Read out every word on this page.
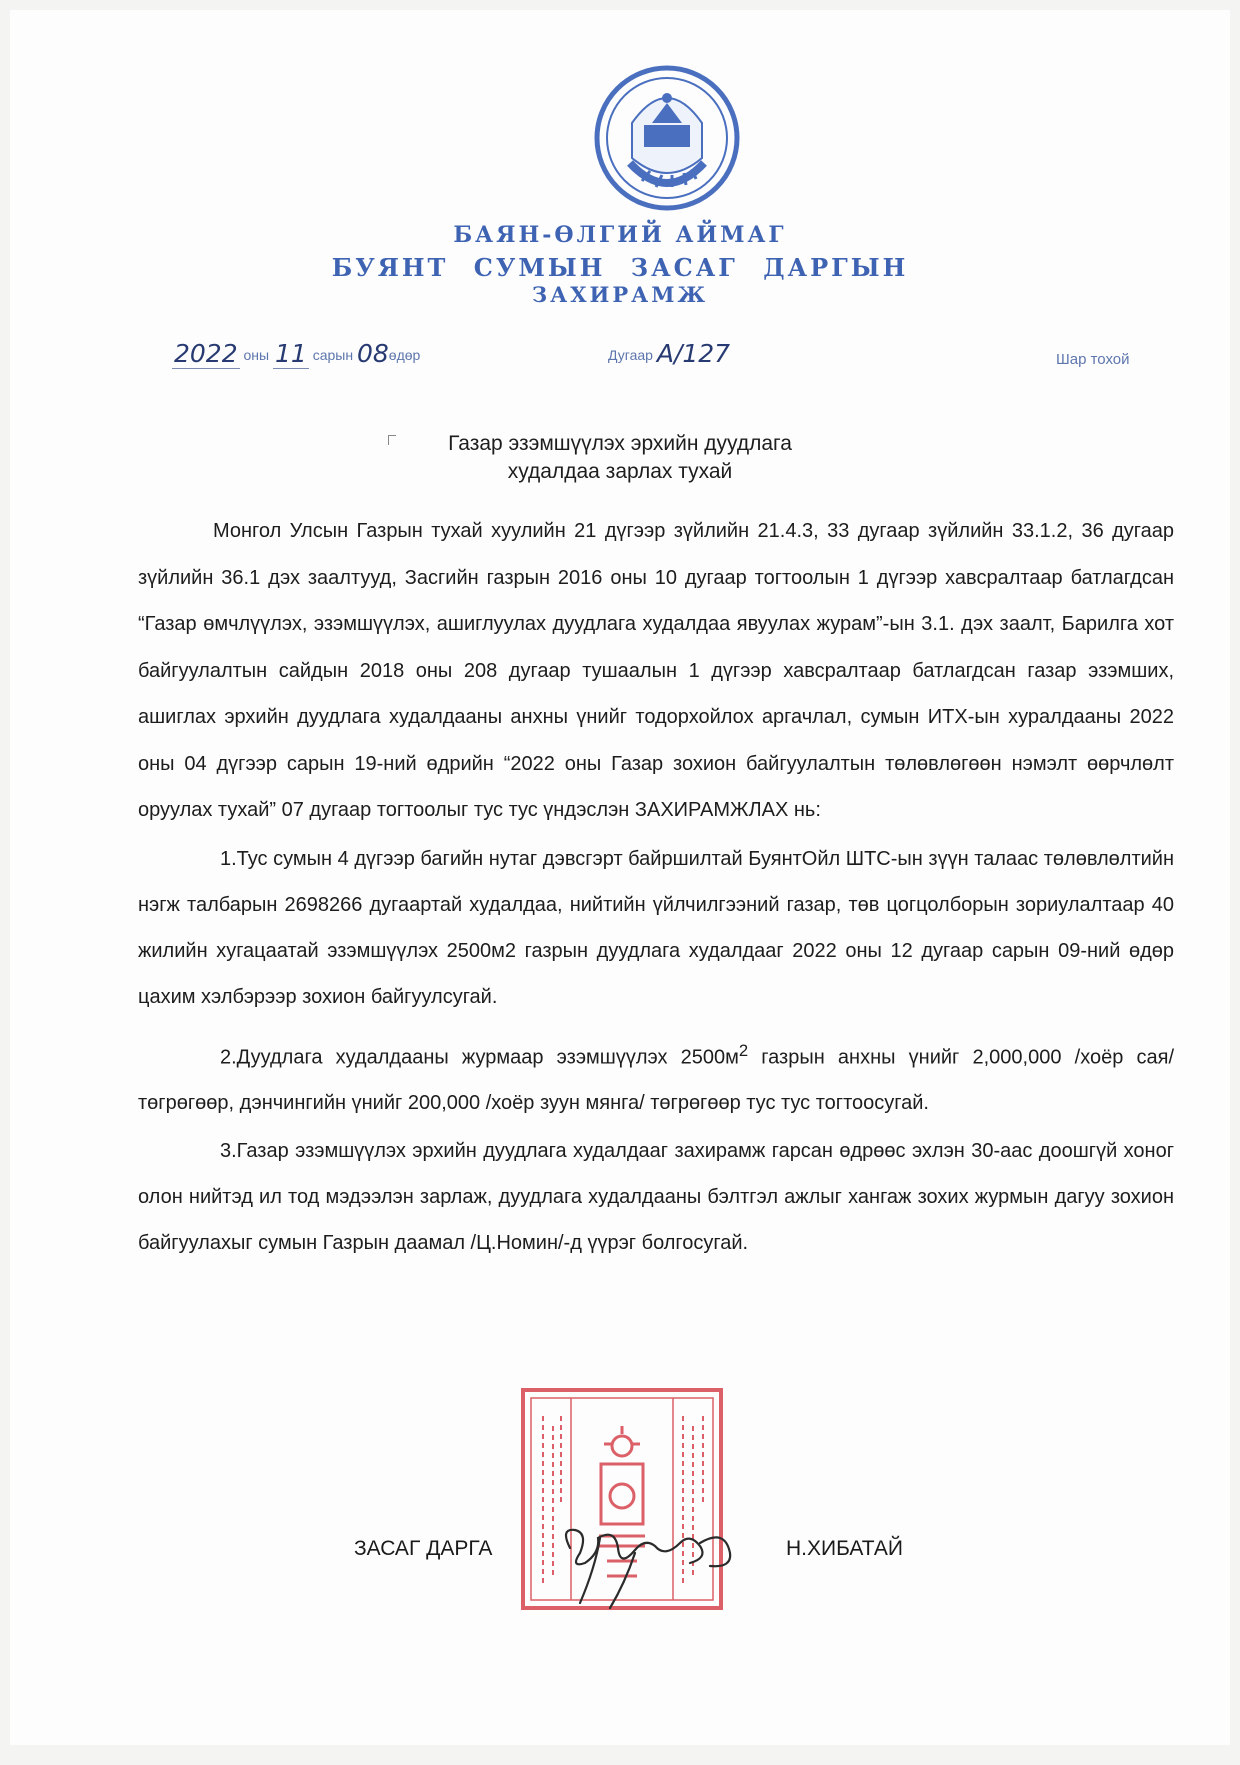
БАЯН-ӨЛГИЙ АЙМАГ
БУЯНТ СУМЫН ЗАСАГ ДАРГЫН
ЗАХИРАМЖ
2022 оны 11 сарын 08өдөр	Дугаар А/127	Шар тохой
Газар эзэмшүүлэх эрхийн дуудлага
худалдаа зарлах тухай

Монгол Улсын Газрын тухай хуулийн 21 дүгээр зүйлийн 21.4.3, 33 дугаар зүйлийн 33.1.2, 36 дугаар зүйлийн 36.1 дэх заалтууд, Засгийн газрын 2016 оны 10 дугаар тогтоолын 1 дүгээр хавсралтаар батлагдсан “Газар өмчлүүлэх, эзэмшүүлэх, ашиглуулах дуудлага худалдаа явуулах журам”-ын 3.1. дэх заалт, Барилга хот байгуулалтын сайдын 2018 оны 208 дугаар тушаалын 1 дүгээр хавсралтаар батлагдсан газар эзэмших, ашиглах эрхийн дуудлага худалдааны анхны үнийг тодорхойлох аргачлал, сумын ИТХ-ын хуралдааны 2022 оны 04 дүгээр сарын 19-ний өдрийн “2022 оны Газар зохион байгуулалтын төлөвлөгөөн нэмэлт өөрчлөлт оруулах тухай” 07 дугаар тогтоолыг тус тус үндэслэн ЗАХИРАМЖЛАХ нь:

1.Тус сумын 4 дүгээр багийн нутаг дэвсгэрт байршилтай БуянтОйл ШТС-ын зүүн талаас төлөвлөлтийн нэгж талбарын 2698266 дугаартай худалдаа, нийтийн үйлчилгээний газар, төв цогцолборын зориулалтаар 40 жилийн хугацаатай эзэмшүүлэх 2500м2 газрын дуудлага худалдааг 2022 оны 12 дугаар сарын 09-ний өдөр цахим хэлбэрээр зохион байгуулсугай.

2.Дуудлага худалдааны журмаар эзэмшүүлэх $2500м^2$ газрын анхны үнийг 2,000,000 /хоёр сая/ төгрөгөөр, дэнчингийн үнийг 200,000 /хоёр зуун мянга/ төгрөгөөр тус тус тогтоосугай.

3.Газар эзэмшүүлэх эрхийн дуудлага худалдааг захирамж гарсан өдрөөс эхлэн 30-аас доошгүй хоног олон нийтэд ил тод мэдээлэн зарлаж, дуудлага худалдааны бэлтгэл ажлыг хангаж зохих журмын дагуу зохион байгуулахыг сумын Газрын даамал /Ц.Номин/-д үүрэг болгосугай.

ЗАСАГ ДАРГА	Н.ХИБАТАЙ
